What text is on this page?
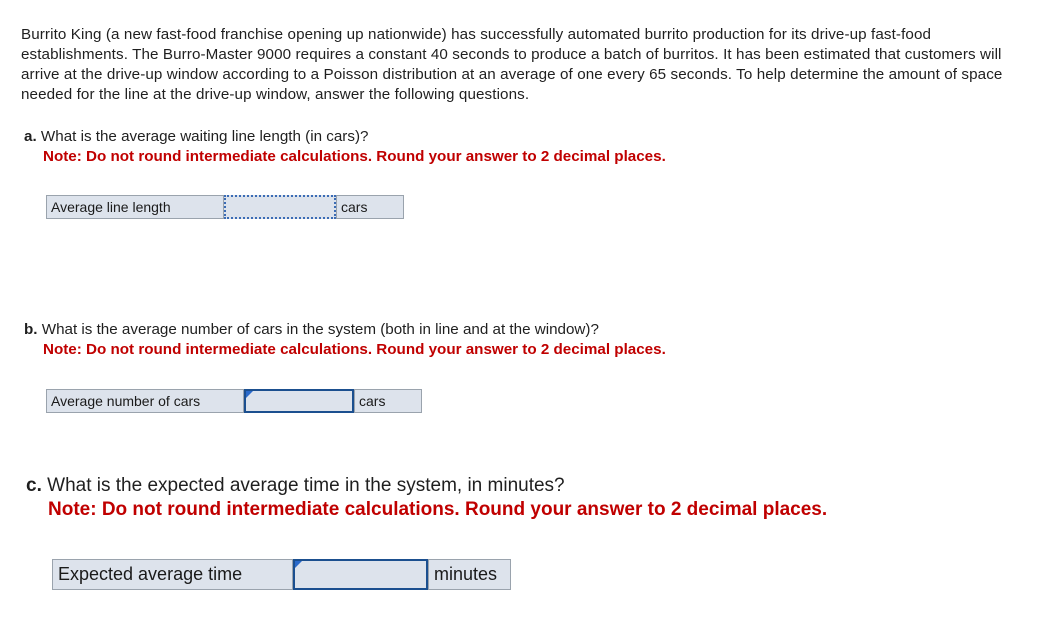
Burrito King (a new fast-food franchise opening up nationwide) has successfully automated burrito production for its drive-up fast-food establishments. The Burro-Master 9000 requires a constant 40 seconds to produce a batch of burritos. It has been estimated that customers will arrive at the drive-up window according to a Poisson distribution at an average of one every 65 seconds. To help determine the amount of space needed for the line at the drive-up window, answer the following questions.
a. What is the average waiting line length (in cars)?
Note: Do not round intermediate calculations. Round your answer to 2 decimal places.
Average line length	cars
b. What is the average number of cars in the system (both in line and at the window)?
Note: Do not round intermediate calculations. Round your answer to 2 decimal places.
Average number of cars	cars
c. What is the expected average time in the system, in minutes?
Note: Do not round intermediate calculations. Round your answer to 2 decimal places.
Expected average time	minutes
